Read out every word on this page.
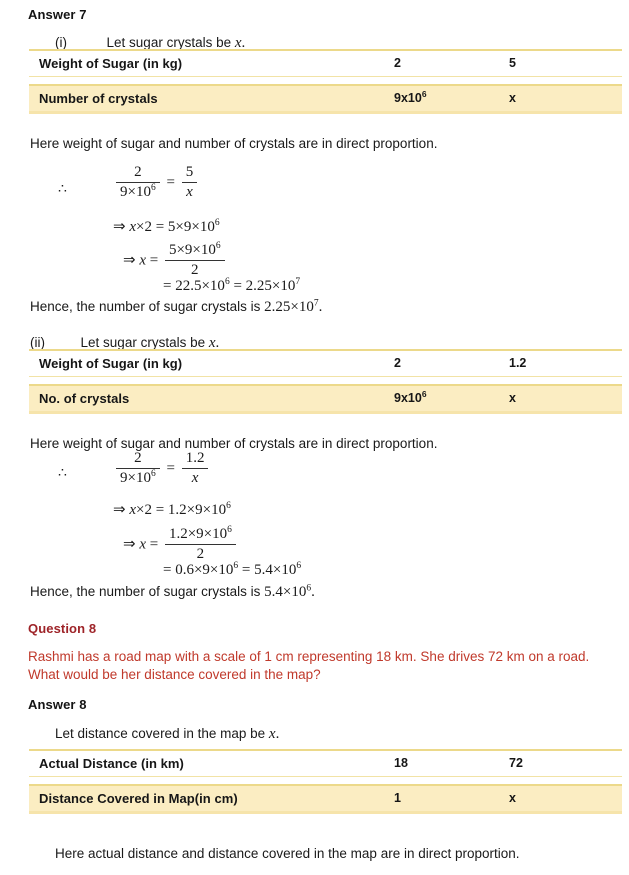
Answer 7
(i)	Let sugar crystals be x.
Weight of Sugar (in kg)	2	5

Number of crystals	$9x10^6$	x
Here weight of sugar and number of crystals are in direct proportion.
∴	$\frac{2}{9\times 10^6} = \frac{5}{x}$
⇒ $x\times 2 = 5\times 9\times 10^6$
⇒ $x = \frac{5\times 9\times 10^6}{2}$
= $22.5\times 10^6 = 2.25\times 10^7$
Hence, the number of sugar crystals is $2.25\times 10^7$.
(ii)	Let sugar crystals be x.
Weight of Sugar (in kg)	2	1.2

No. of crystals	$9x10^6$	x
Here weight of sugar and number of crystals are in direct proportion.
∴	$\frac{2}{9\times 10^6} = \frac{1.2}{x}$
⇒ $x\times 2 = 1.2\times 9\times 10^6$
⇒ $x = \frac{1.2\times 9\times 10^6}{2}$
= $0.6\times 9\times 10^6 = 5.4\times 10^6$
Hence, the number of sugar crystals is $5.4\times 10^6$.
Question 8
Rashmi has a road map with a scale of 1 cm representing 18 km. She drives 72 km on a road.
What would be her distance covered in the map?
Answer 8
Let distance covered in the map be x.
Actual Distance (in km)	18	72

Distance Covered in Map(in cm)	1	x
Here actual distance and distance covered in the map are in direct proportion.
